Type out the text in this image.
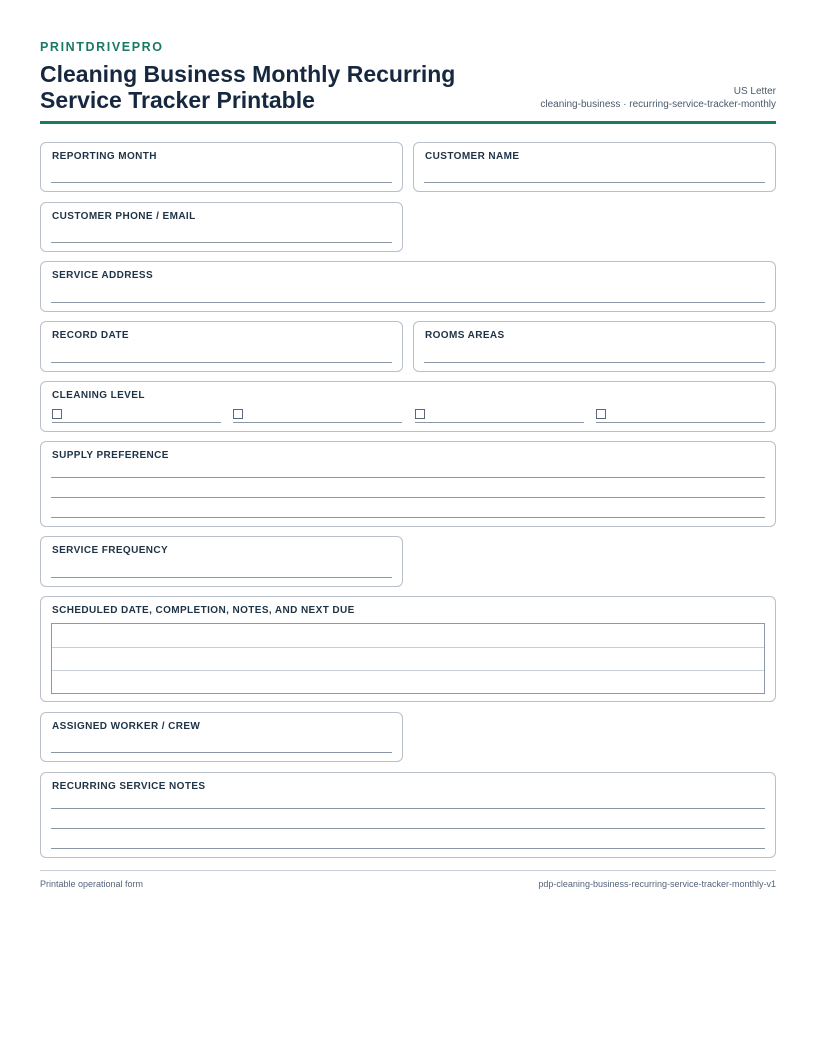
PRINTDRIVEPRO
Cleaning Business Monthly Recurring Service Tracker Printable	US Letter
cleaning-business · recurring-service-tracker-monthly
REPORTING MONTH	CUSTOMER NAME
CUSTOMER PHONE / EMAIL
SERVICE ADDRESS
RECORD DATE	ROOMS AREAS
CLEANING LEVEL
SUPPLY PREFERENCE
SERVICE FREQUENCY
SCHEDULED DATE, COMPLETION, NOTES, AND NEXT DUE
ASSIGNED WORKER / CREW
RECURRING SERVICE NOTES
Printable operational form	pdp-cleaning-business-recurring-service-tracker-monthly-v1
